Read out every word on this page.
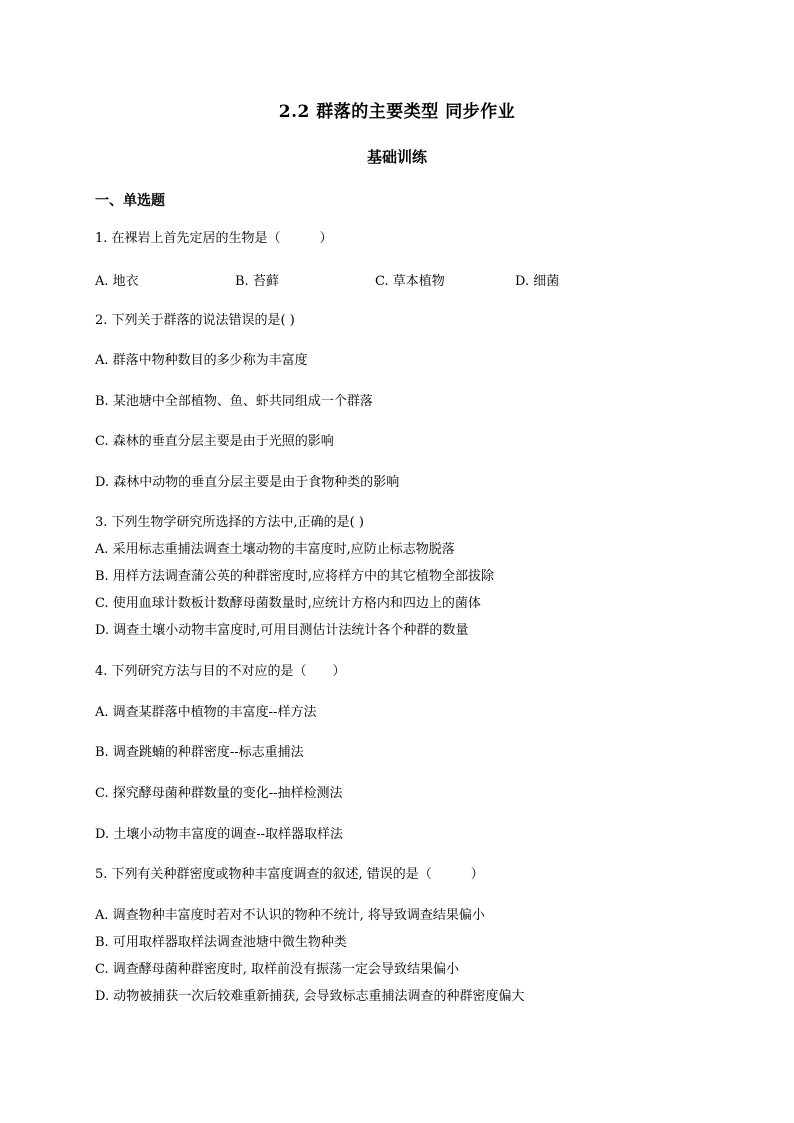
2.2 群落的主要类型 同步作业
基础训练
一、单选题
1. 在裸岩上首先定居的生物是（　　　）
A. 地衣	B. 苔藓	C. 草本植物	D. 细菌
2. 下列关于群落的说法错误的是( )
A. 群落中物种数目的多少称为丰富度
B. 某池塘中全部植物、鱼、虾共同组成一个群落
C. 森林的垂直分层主要是由于光照的影响
D. 森林中动物的垂直分层主要是由于食物种类的影响
3. 下列生物学研究所选择的方法中,正确的是( )
A. 采用标志重捕法调查土壤动物的丰富度时,应防止标志物脱落
B. 用样方法调查蒲公英的种群密度时,应将样方中的其它植物全部拔除
C. 使用血球计数板计数酵母菌数量时,应统计方格内和四边上的菌体
D. 调查土壤小动物丰富度时,可用目测估计法统计各个种群的数量
4. 下列研究方法与目的不对应的是（　　）
A. 调查某群落中植物的丰富度--样方法
B. 调查跳蝻的种群密度--标志重捕法
C. 探究酵母菌种群数量的变化--抽样检测法
D. 土壤小动物丰富度的调查--取样器取样法
5. 下列有关种群密度或物种丰富度调查的叙述, 错误的是（　　　）
A. 调查物种丰富度时若对不认识的物种不统计, 将导致调查结果偏小
B. 可用取样器取样法调查池塘中微生物种类
C. 调查酵母菌种群密度时, 取样前没有振荡一定会导致结果偏小
D. 动物被捕获一次后较难重新捕获, 会导致标志重捕法调查的种群密度偏大
